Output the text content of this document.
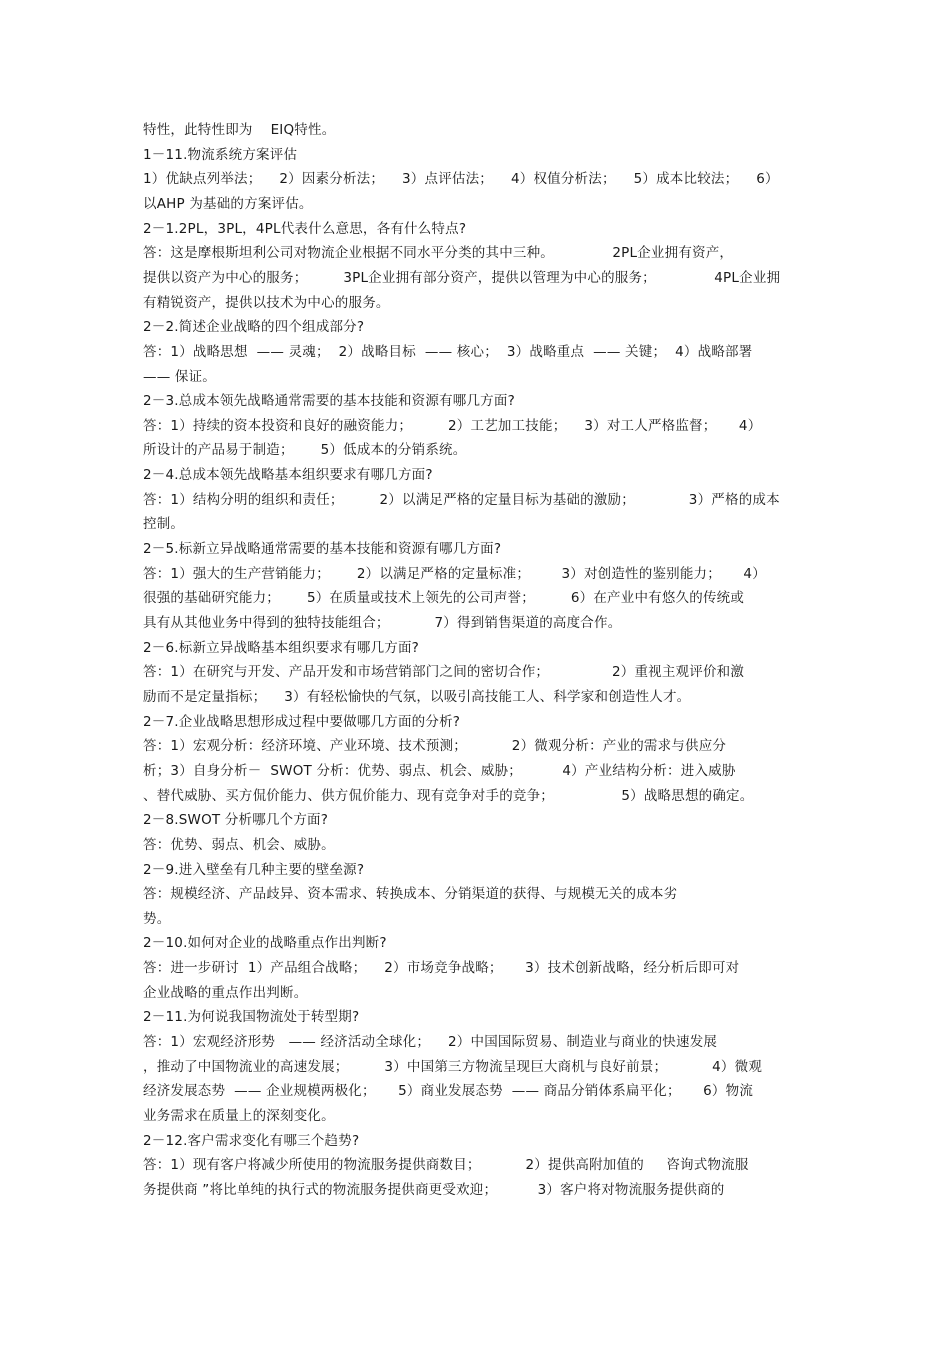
特性，此特性即为    EIQ特性。
1－11.物流系统方案评估
1）优缺点列举法；    2）因素分析法；    3）点评估法；    4）权值分析法；    5）成本比较法；    6）
以AHP 为基础的方案评估。
2－1.2PL，3PL，4PL代表什么意思，各有什么特点?
答：这是摩根斯坦利公司对物流企业根据不同水平分类的其中三种。             2PL企业拥有资产，
提供以资产为中心的服务；        3PL企业拥有部分资产，提供以管理为中心的服务；             4PL企业拥
有精锐资产，提供以技术为中心的服务。
2－2.简述企业战略的四个组成部分?
答：1）战略思想  —— 灵魂；  2）战略目标  —— 核心；  3）战略重点  —— 关键；  4）战略部署
—— 保证。
2－3.总成本领先战略通常需要的基本技能和资源有哪几方面?
答：1）持续的资本投资和良好的融资能力；        2）工艺加工技能；    3）对工人严格监督；     4）
所设计的产品易于制造；      5）低成本的分销系统。
2－4.总成本领先战略基本组织要求有哪几方面?
答：1）结构分明的组织和责任；        2）以满足严格的定量目标为基础的激励；            3）严格的成本
控制。
2－5.标新立异战略通常需要的基本技能和资源有哪几方面?
答：1）强大的生产营销能力；      2）以满足严格的定量标准；       3）对创造性的鉴别能力；     4）
很强的基础研究能力；      5）在质量或技术上领先的公司声誉；        6）在产业中有悠久的传统或
具有从其他业务中得到的独特技能组合；          7）得到销售渠道的高度合作。
2－6.标新立异战略基本组织要求有哪几方面?
答：1）在研究与开发、产品开发和市场营销部门之间的密切合作；              2）重视主观评价和激
励而不是定量指标；    3）有轻松愉快的气氛，以吸引高技能工人、科学家和创造性人才。
2－7.企业战略思想形成过程中要做哪几方面的分析?
答：1）宏观分析：经济环境、产业环境、技术预测；          2）微观分析：产业的需求与供应分
析；3）自身分析－  SWOT 分析：优势、弱点、机会、威胁；         4）产业结构分析：进入威胁
、替代威胁、买方侃价能力、供方侃价能力、现有竞争对手的竞争；               5）战略思想的确定。
2－8.SWOT 分析哪几个方面?
答：优势、弱点、机会、威胁。
2－9.进入壁垒有几种主要的壁垒源?
答：规模经济、产品歧异、资本需求、转换成本、分销渠道的获得、与规模无关的成本劣
势。
2－10.如何对企业的战略重点作出判断?
答：进一步研讨  1）产品组合战略；    2）市场竞争战略；     3）技术创新战略，经分析后即可对
企业战略的重点作出判断。
2－11.为何说我国物流处于转型期?
答：1）宏观经济形势   —— 经济活动全球化；    2）中国国际贸易、制造业与商业的快速发展
，推动了中国物流业的高速发展；        3）中国第三方物流呈现巨大商机与良好前景；          4）微观
经济发展态势  —— 企业规模两极化；     5）商业发展态势  —— 商品分销体系扁平化；     6）物流
业务需求在质量上的深刻变化。
2－12.客户需求变化有哪三个趋势?
答：1）现有客户将减少所使用的物流服务提供商数目；          2）提供高附加值的     咨询式物流服
务提供商 ”将比单纯的执行式的物流服务提供商更受欢迎；         3）客户将对物流服务提供商的
